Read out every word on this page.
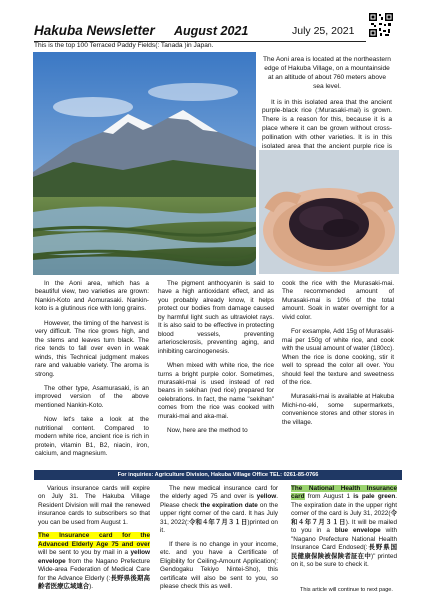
Hakuba Newsletter August 2021	July 25, 2021
This is the top 100 Terraced Paddy Fields(: Tanada )in Japan.

The Aoni area is located at the northeastern edge of Hakuba Village, on a mountainside at an altitude of about 760 meters above sea level.

It is in this isolated area that the ancient purple-black rice (:Murasaki-mai) is grown. There is a reason for this, because it is a place where it can be grown without cross-pollination with other varieties. It is in this isolated area that the ancient purple rice is

In the Aoni area, which has a beautiful view, two varieties are grown: Nankin-Koto and Aomurasaki. Nankin-koto is a glutinous rice with long grains.

However, the timing of the harvest is very difficult. The rice grows high, and the stems and leaves turn black. The rice tends to fall over even in weak winds, this Technical judgment makes rare and valuable variety. The aroma is strong.

The other type, Asamurasaki, is an improved version of the above mentioned Nankin-Koto.

Now let's take a look at the nutritional content. Compared to modern white rice, ancient rice is rich in protein, vitamin B1, B2, niacin, iron, calcium, and magnesium.

The pigment anthocyanin is said to have a high antioxidant effect, and as you probably already know, it helps protect our bodies from damage caused by harmful light such as ultraviolet rays. It is also said to be effective in protecting blood vessels, preventing arteriosclerosis, preventing aging, and inhibiting carcinogenesis.

When mixed with white rice, the rice turns a bright purple color. Sometimes, murasaki-mai is used instead of red beans in sekihan (red rice) prepared for celebrations. In fact, the name "sekihan" comes from the rice was cooked with muraki-mai and aka-mai.

Now, here are the method to

cook the rice with the Murasaki-mai. The recommended amount of Murasaki-mai is 10% of the total amount. Soak in water overnight for a vivid color.

For exsample, Add 15g of Murasaki-mai per 150g of white rice, and cook with the usual amount of water (180cc). When the rice is done cooking, stir it well to spread the color all over. You should feel the texture and sweetness of the rice.

Murasaki-mai is available at Hakuba Michi-no-eki, some supermarkets, convenience stores and other stores in the village.

For inquiries: Agriculture Division, Hakuba Village Office TEL: 0261-85-0766

Various insurance cards will expire on July 31. The Hakuba Village Resident Division will mail the renewed insurance cards to subscribers so that you can be used from August 1.

The Insurance card for the Advanced Elderly Age 75 and over will be sent to you by mail in a yellow envelope from the Nagano Prefecture Wide-area Federation of Medical Care for the Advance Elderly (:長野県後期高齢者医療広域連合).

The new medical insurance card for the elderly aged 75 and over is yellow. Please check the expiration date on the upper right corner of the card. It has July 31, 2022(:令和４年７月３１日)printed on it.

If there is no change in your income, etc. and you have a Certificate of Eligibility for Ceiling-Amount Application(: Gendogaku Tekiyo Nintei-Sho), this certificate will also be sent to you, so please check this as well.

The National Health Insurance card from August 1 is pale green. The expiration date in the upper right corner of the card is July 31, 2022(令和４年７月３１日). It will be mailed to you in a blue envelope with "Nagano Prefecture National Health Insurance Card Endosed(:長野県国民健康保険被保険者証在中)" printed on it, so be sure to check it.

This article will continue to next page.
